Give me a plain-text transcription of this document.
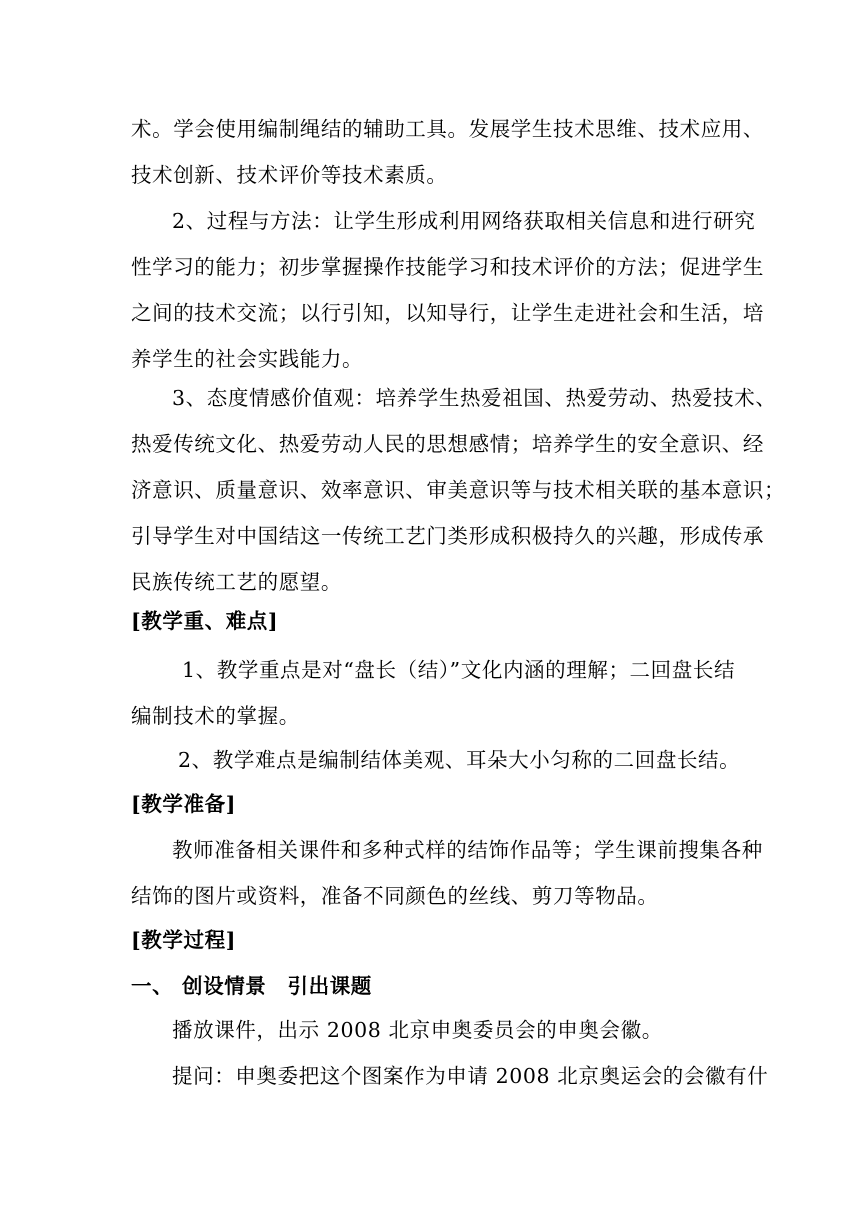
术。学会使用编制绳结的辅助工具。发展学生技术思维、技术应用、
技术创新、技术评价等技术素质。
2、过程与方法：让学生形成利用网络获取相关信息和进行研究
性学习的能力；初步掌握操作技能学习和技术评价的方法；促进学生
之间的技术交流；以行引知，以知导行，让学生走进社会和生活，培
养学生的社会实践能力。
3、态度情感价值观：培养学生热爱祖国、热爱劳动、热爱技术、
热爱传统文化、热爱劳动人民的思想感情；培养学生的安全意识、经
济意识、质量意识、效率意识、审美意识等与技术相关联的基本意识；
引导学生对中国结这一传统工艺门类形成积极持久的兴趣，形成传承
民族传统工艺的愿望。
[教学重、难点]
1、教学重点是对“盘长（结）”文化内涵的理解；二回盘长结
编制技术的掌握。
2、教学难点是编制结体美观、耳朵大小匀称的二回盘长结。
[教学准备]
教师准备相关课件和多种式样的结饰作品等；学生课前搜集各种
结饰的图片或资料，准备不同颜色的丝线、剪刀等物品。
[教学过程]
一、 创设情景　引出课题
播放课件，出示 2008 北京申奥委员会的申奥会徽。
提问：申奥委把这个图案作为申请 2008 北京奥运会的会徽有什
